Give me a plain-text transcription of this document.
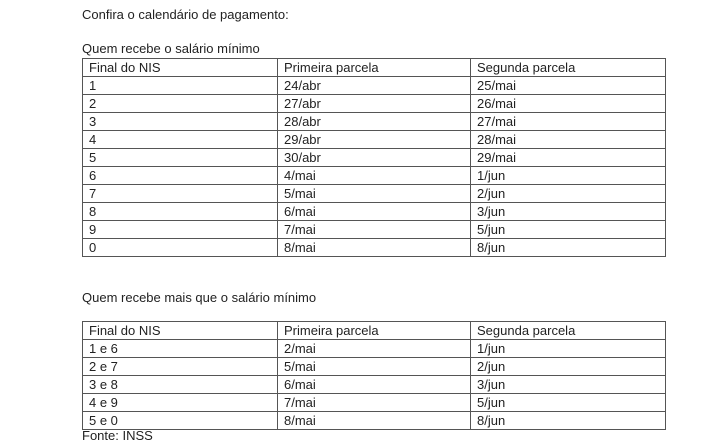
Confira o calendário de pagamento:
Quem recebe o salário mínimo
Final do NIS	Primeira parcela	Segunda parcela
1	24/abr	25/mai
2	27/abr	26/mai
3	28/abr	27/mai
4	29/abr	28/mai
5	30/abr	29/mai
6	4/mai	1/jun
7	5/mai	2/jun
8	6/mai	3/jun
9	7/mai	5/jun
0	8/mai	8/jun
Quem recebe mais que o salário mínimo
Final do NIS	Primeira parcela	Segunda parcela
1 e 6	2/mai	1/jun
2 e 7	5/mai	2/jun
3 e 8	6/mai	3/jun
4 e 9	7/mai	5/jun
5 e 0	8/mai	8/jun
Fonte: INSS
